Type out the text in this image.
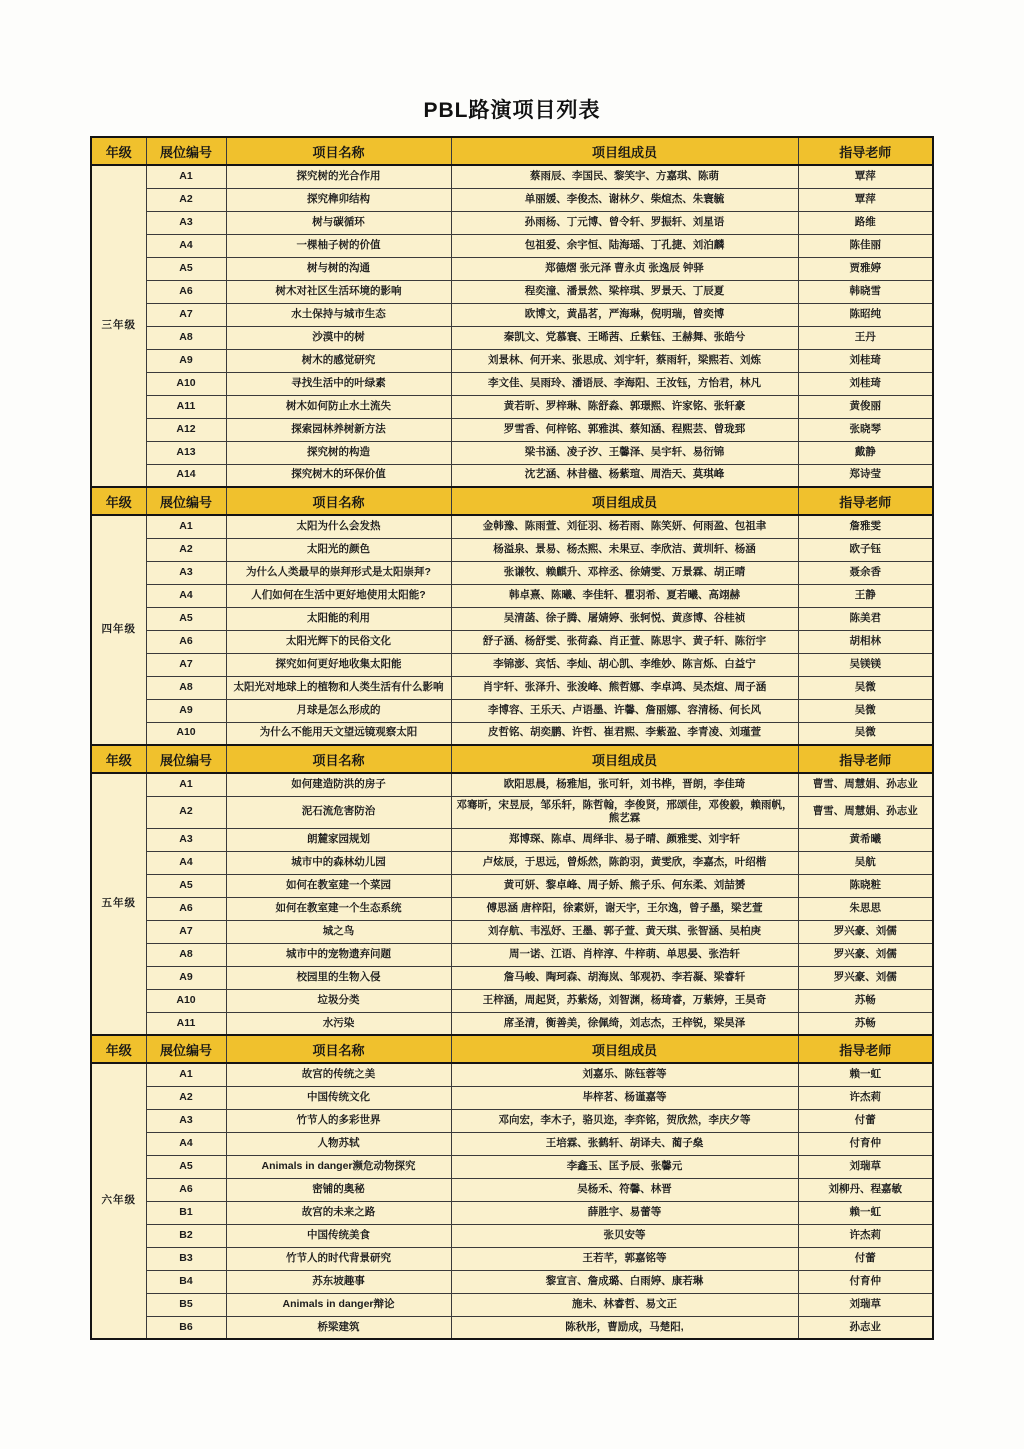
PBL路演项目列表
年级	展位编号	项目名称	项目组成员	指导老师
三年级	A1	探究树的光合作用	蔡雨辰、李国民、黎笑宇、方嘉琪、陈萌	覃萍
	A2	探究榫卯结构	单丽媛、李俊杰、谢林夕、柴煊杰、朱寰毓	覃萍
	A3	树与碳循环	孙雨杨、丁元博、曾令轩、罗振轩、刘星语	路维
	A4	一棵柚子树的价值	包祖爱、余宇恒、陆海瑶、丁孔捷、刘泊麟	陈佳丽
	A5	树与树的沟通	郑德熠 张元泽 曹永贞 张逸辰 钟驿	贾雅婷
	A6	树木对社区生活环境的影响	程奕潼、潘景然、梁梓琪、罗景天、丁辰夏	韩晓雪
	A7	水土保持与城市生态	欧博文，黄晶茗，严海琳，倪明瑞，曾奕博	陈昭纯
	A8	沙漠中的树	秦凯文、党慕寰、王晞茜、丘紫钰、王赫舞、张皓兮	王丹
	A9	树木的感觉研究	刘景林、何开来、张思成、刘宇轩，蔡雨轩，梁熙若、刘炼	刘桂琦
	A10	寻找生活中的叶绿素	李文佳、吴雨玲、潘语辰、李海阳、王汝钰，方怡君，林凡	刘桂琦
	A11	树木如何防止水土流失	黄若昕、罗梓琳、陈舒淼、郭璟熙、许家铭、张轩豪	黄俊丽
	A12	探索园林养树新方法	罗雪香、何梓铭、郭雅淇、蔡知涵、程熙芸、曾珑郅	张晓琴
	A13	探究树的构造	梁书涵、凌子汐、王馨泽、吴宇轩、易衍锦	戴静
	A14	探究树木的环保价值	沈艺涵、林昔楹、杨紫瑄、周浩天、莫琪峰	郑诗莹
年级	展位编号	项目名称	项目组成员	指导老师
四年级	A1	太阳为什么会发热	金韩豫、陈雨萱、刘征羽、杨若雨、陈笑妍、何雨盈、包祖聿	詹雅雯
	A2	太阳光的颜色	杨溢泉、景易、杨杰熙、未果豆、李欣洁、黄圳轩、杨涵	欧子钰
	A3	为什么人类最早的崇拜形式是太阳崇拜?	张谦牧、赖麒升、邓梓丞、徐婧雯、万景霖、胡正晴	聂余香
	A4	人们如何在生活中更好地使用太阳能?	韩卓熹、陈曦、李佳轩、瞿羽希、夏若曦、高翊赫	王静
	A5	太阳能的利用	吴清菡、徐子腾、屠婧婷、张轲悦、黄彦博、谷桂祯	陈美君
	A6	太阳光辉下的民俗文化	舒子涵、杨舒雯、张荷淼、肖正萱、陈思宇、黄子轩、陈衍宇	胡相林
	A7	探究如何更好地收集太阳能	李锦澎、宾恬、李灿、胡心凯、李维妙、陈言烁、白益宁	吴镁镁
	A8	太阳光对地球上的植物和人类生活有什么影响	肖宇轩、张泽升、张浚峰、熊哲娜、李卓鸿、吴杰煊、周子涵	吴微
	A9	月球是怎么形成的	李博容、王乐天、卢语墨、许馨、詹丽娜、容清杨、何长风	吴微
	A10	为什么不能用天文望远镜观察太阳	皮哲铭、胡奕鹏、许哲、崔君熙、李紫盈、李青凌、刘瑾萱	吴微
年级	展位编号	项目名称	项目组成员	指导老师
五年级	A1	如何建造防洪的房子	欧阳思晨，杨雅旭，张可轩，刘书桦，晋朗，李佳琦	曹雪、周慧娟、孙志业
	A2	泥石流危害防治	邓骞昕，宋昱辰，邹乐轩，陈哲翰，李俊贤，邢颂佳，邓俊毅，赖雨帆，熊艺霖	曹雪、周慧娟、孙志业
	A3	朗麓家园规划	郑博琛、陈卓、周绎非、易子晴、颜雅雯、刘宇轩	黄希曦
	A4	城市中的森林幼儿园	卢炫辰，于思远，曾烁然，陈韵羽，黄雯欣，李嘉杰，叶绍楷	吴航
	A5	如何在教室建一个菜园	黄可妍、黎卓峰、周子娇、熊子乐、何东柔、刘喆赟	陈晓粧
	A6	如何在教室建一个生态系统	傅思涵 唐梓阳，徐素妍，谢天宇，王尔逸，曾子墨，梁艺萱	朱思思
	A7	城之鸟	刘存航、韦泓妤、王墨、郭子萱、黄天琪、张智涵、吴柏庚	罗兴豪、刘儒
	A8	城市中的宠物遗弃问题	周一诺、江语、肖梓淳、牛梓萌、单思晏、张浩轩	罗兴豪、刘儒
	A9	校园里的生物入侵	詹马峻、陶珂森、胡海岚、邹观礽、李若凝、梁睿轩	罗兴豪、刘儒
	A10	垃圾分类	王梓涵，周起贤，苏紫炀，刘智渊，杨琦睿，万紫婷，王昊奇	苏畅
	A11	水污染	席圣清，衡善美，徐佩绮，刘志杰，王梓锐，梁昊泽	苏畅
年级	展位编号	项目名称	项目组成员	指导老师
六年级	A1	故宫的传统之美	刘嘉乐、陈钰蓉等	赖一虹
	A2	中国传统文化	毕梓茗、杨谨嘉等	许杰莉
	A3	竹节人的多彩世界	邓向宏，李木子，骆贝迩，李弈铭，贺欣然，李庆夕等	付蕾
	A4	人物苏轼	王培霖、张鹤轩、胡译夫、蔺子燊	付育仲
	A5	Animals in danger濒危动物探究	李鑫玉、匡予辰、张馨元	刘瑞草
	A6	密铺的奥秘	吴杨禾、符馨、林晋	刘柳丹、程嘉敏
	B1	故宫的未来之路	薛胜宇、易蕾等	赖一虹
	B2	中国传统美食	张贝安等	许杰莉
	B3	竹节人的时代背景研究	王若芊，郭嘉铭等	付蕾
	B4	苏东坡趣事	黎宣言、詹成璐、白雨婷、康若琳	付育仲
	B5	Animals in danger辩论	施未、林睿哲、易文正	刘瑞草
	B6	桥梁建筑	陈秋彤，曹励成，马楚阳,	孙志业
